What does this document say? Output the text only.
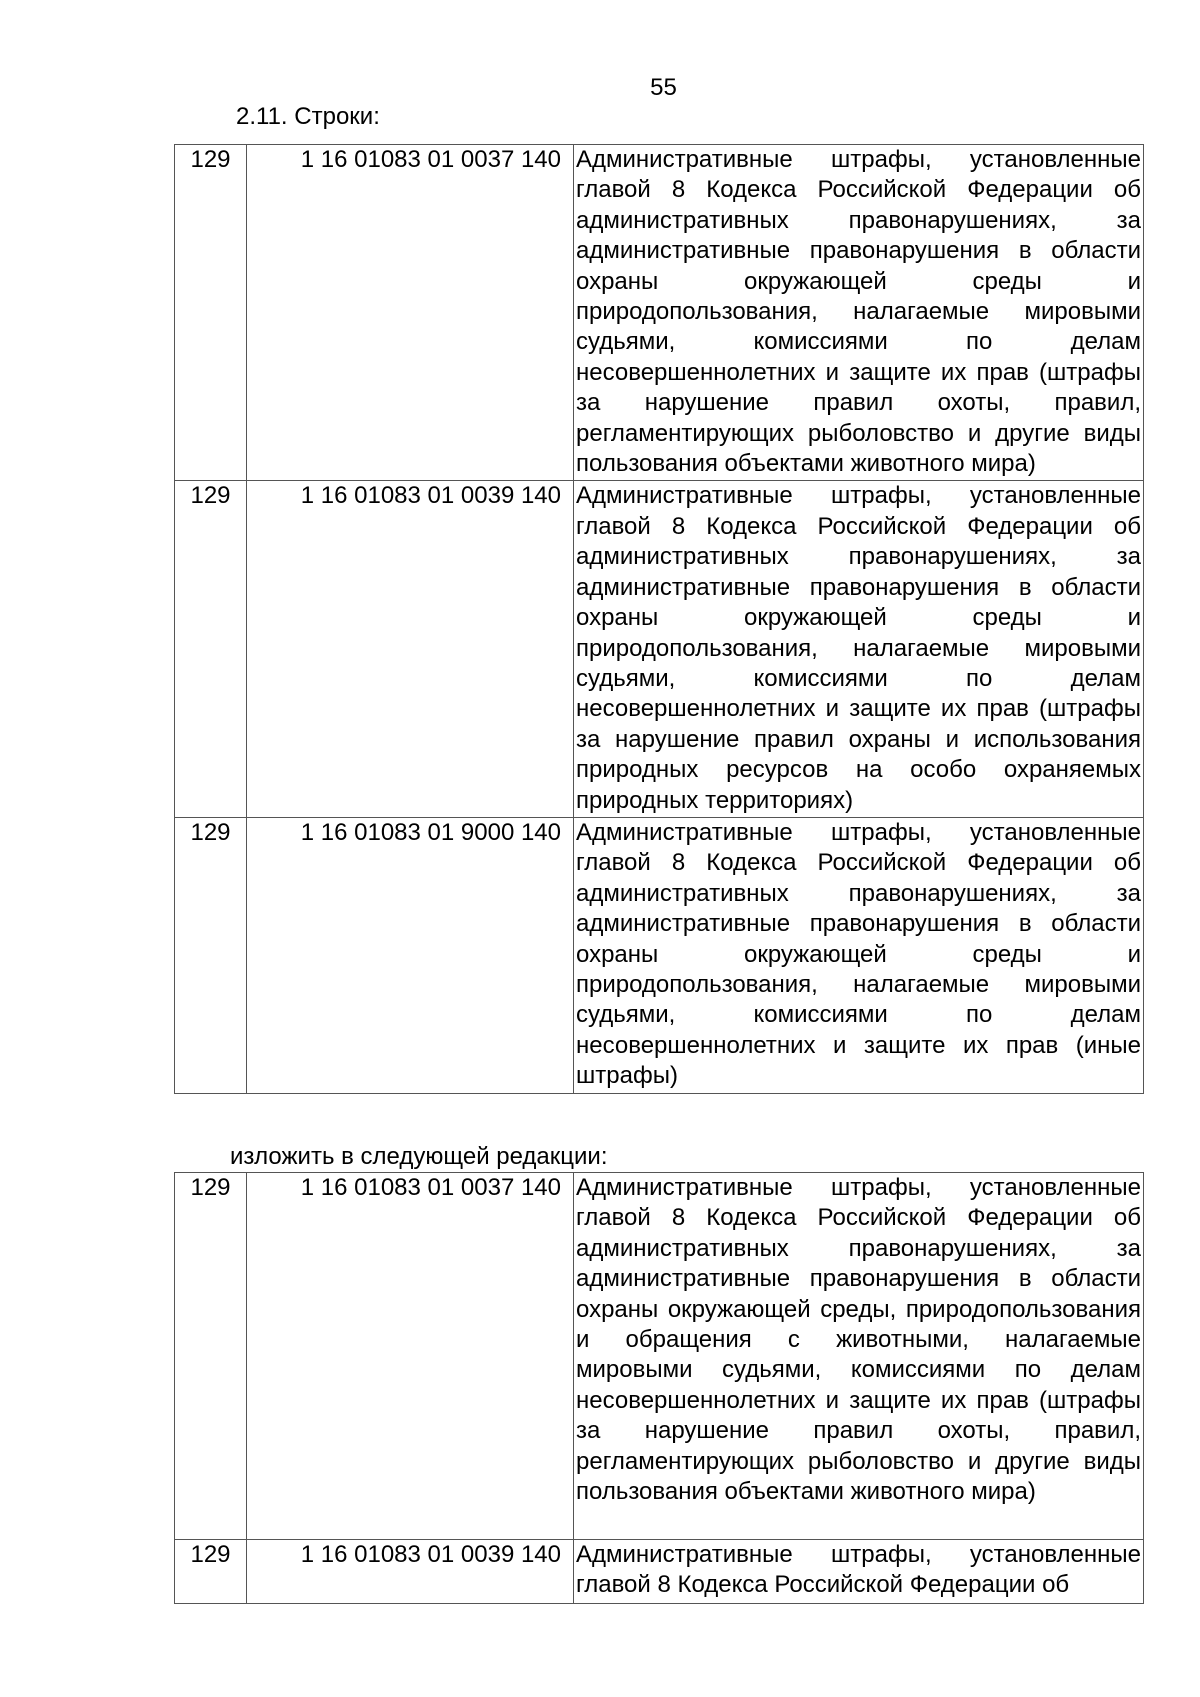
55
2.11. Строки:
129	1 16 01083 01 0037 140	Административные штрафы, установленные главой 8 Кодекса Российской Федерации об административных правонарушениях, за административные правонарушения в области охраны окружающей среды и природопользования, налагаемые мировыми судьями, комиссиями по делам несовершеннолетних и защите их прав (штрафы за нарушение правил охоты, правил, регламентирующих рыболовство и другие виды пользования объектами животного мира)
129	1 16 01083 01 0039 140	Административные штрафы, установленные главой 8 Кодекса Российской Федерации об административных правонарушениях, за административные правонарушения в области охраны окружающей среды и природопользования, налагаемые мировыми судьями, комиссиями по делам несовершеннолетних и защите их прав (штрафы за нарушение правил охраны и использования природных ресурсов на особо охраняемых природных территориях)
129	1 16 01083 01 9000 140	Административные штрафы, установленные главой 8 Кодекса Российской Федерации об административных правонарушениях, за административные правонарушения в области охраны окружающей среды и природопользования, налагаемые мировыми судьями, комиссиями по делам несовершеннолетних и защите их прав (иные штрафы)
изложить в следующей редакции:
129	1 16 01083 01 0037 140	Административные штрафы, установленные главой 8 Кодекса Российской Федерации об административных правонарушениях, за административные правонарушения в области охраны окружающей среды, природопользования и обращения с животными, налагаемые мировыми судьями, комиссиями по делам несовершеннолетних и защите их прав (штрафы за нарушение правил охоты, правил, регламентирующих рыболовство и другие виды пользования объектами животного мира)
129	1 16 01083 01 0039 140	Административные штрафы, установленные главой 8 Кодекса Российской Федерации об
